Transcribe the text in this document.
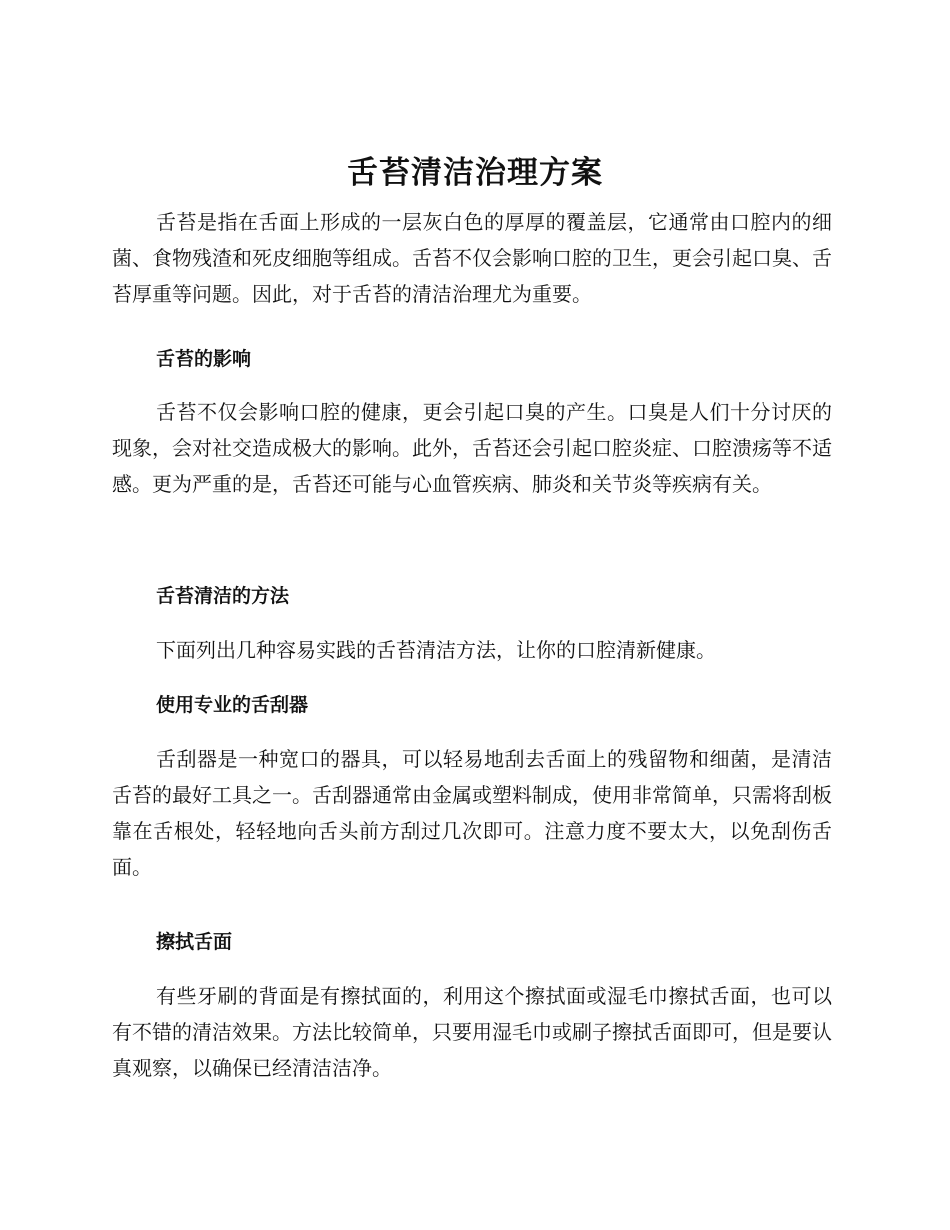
舌苔清洁治理方案

舌苔是指在舌面上形成的一层灰白色的厚厚的覆盖层，它通常由口腔内的细菌、食物残渣和死皮细胞等组成。舌苔不仅会影响口腔的卫生，更会引起口臭、舌苔厚重等问题。因此，对于舌苔的清洁治理尤为重要。

舌苔的影响

舌苔不仅会影响口腔的健康，更会引起口臭的产生。口臭是人们十分讨厌的现象，会对社交造成极大的影响。此外，舌苔还会引起口腔炎症、口腔溃疡等不适感。更为严重的是，舌苔还可能与心血管疾病、肺炎和关节炎等疾病有关。

舌苔清洁的方法

下面列出几种容易实践的舌苔清洁方法，让你的口腔清新健康。

使用专业的舌刮器

舌刮器是一种宽口的器具，可以轻易地刮去舌面上的残留物和细菌，是清洁舌苔的最好工具之一。舌刮器通常由金属或塑料制成，使用非常简单，只需将刮板靠在舌根处，轻轻地向舌头前方刮过几次即可。注意力度不要太大，以免刮伤舌面。

擦拭舌面

有些牙刷的背面是有擦拭面的，利用这个擦拭面或湿毛巾擦拭舌面，也可以有不错的清洁效果。方法比较简单，只要用湿毛巾或刷子擦拭舌面即可，但是要认真观察，以确保已经清洁洁净。
